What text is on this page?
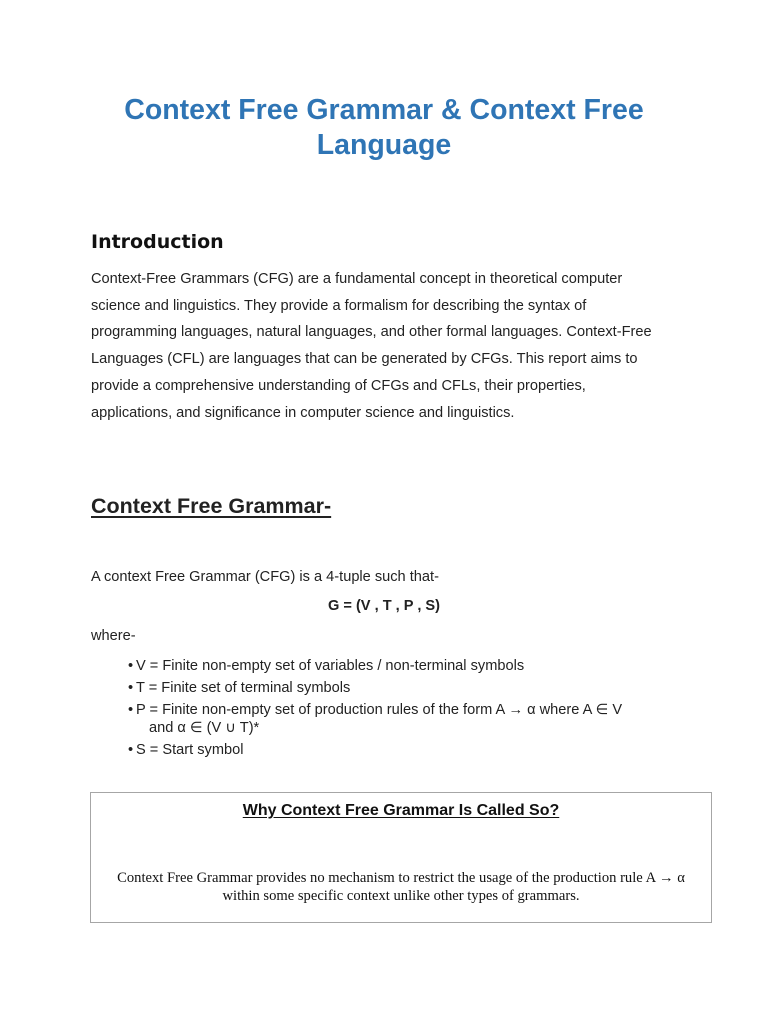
Context Free Grammar & Context Free
Language
Introduction
Context-Free Grammars (CFG) are a fundamental concept in theoretical computer
science and linguistics. They provide a formalism for describing the syntax of
programming languages, natural languages, and other formal languages. Context-Free
Languages (CFL) are languages that can be generated by CFGs. This report aims to
provide a comprehensive understanding of CFGs and CFLs, their properties,
applications, and significance in computer science and linguistics.
Context Free Grammar-

A context Free Grammar (CFG) is a 4-tuple such that-

G = (V , T , P , S)

where-

• V = Finite non-empty set of variables / non-terminal symbols
• T = Finite set of terminal symbols
• P = Finite non-empty set of production rules of the form A → α where A ∈ V
and α ∈ (V ∪ T)*
• S = Start symbol

Why Context Free Grammar Is Called So?

Context Free Grammar provides no mechanism to restrict the usage of the production rule A → α
within some specific context unlike other types of grammars.
